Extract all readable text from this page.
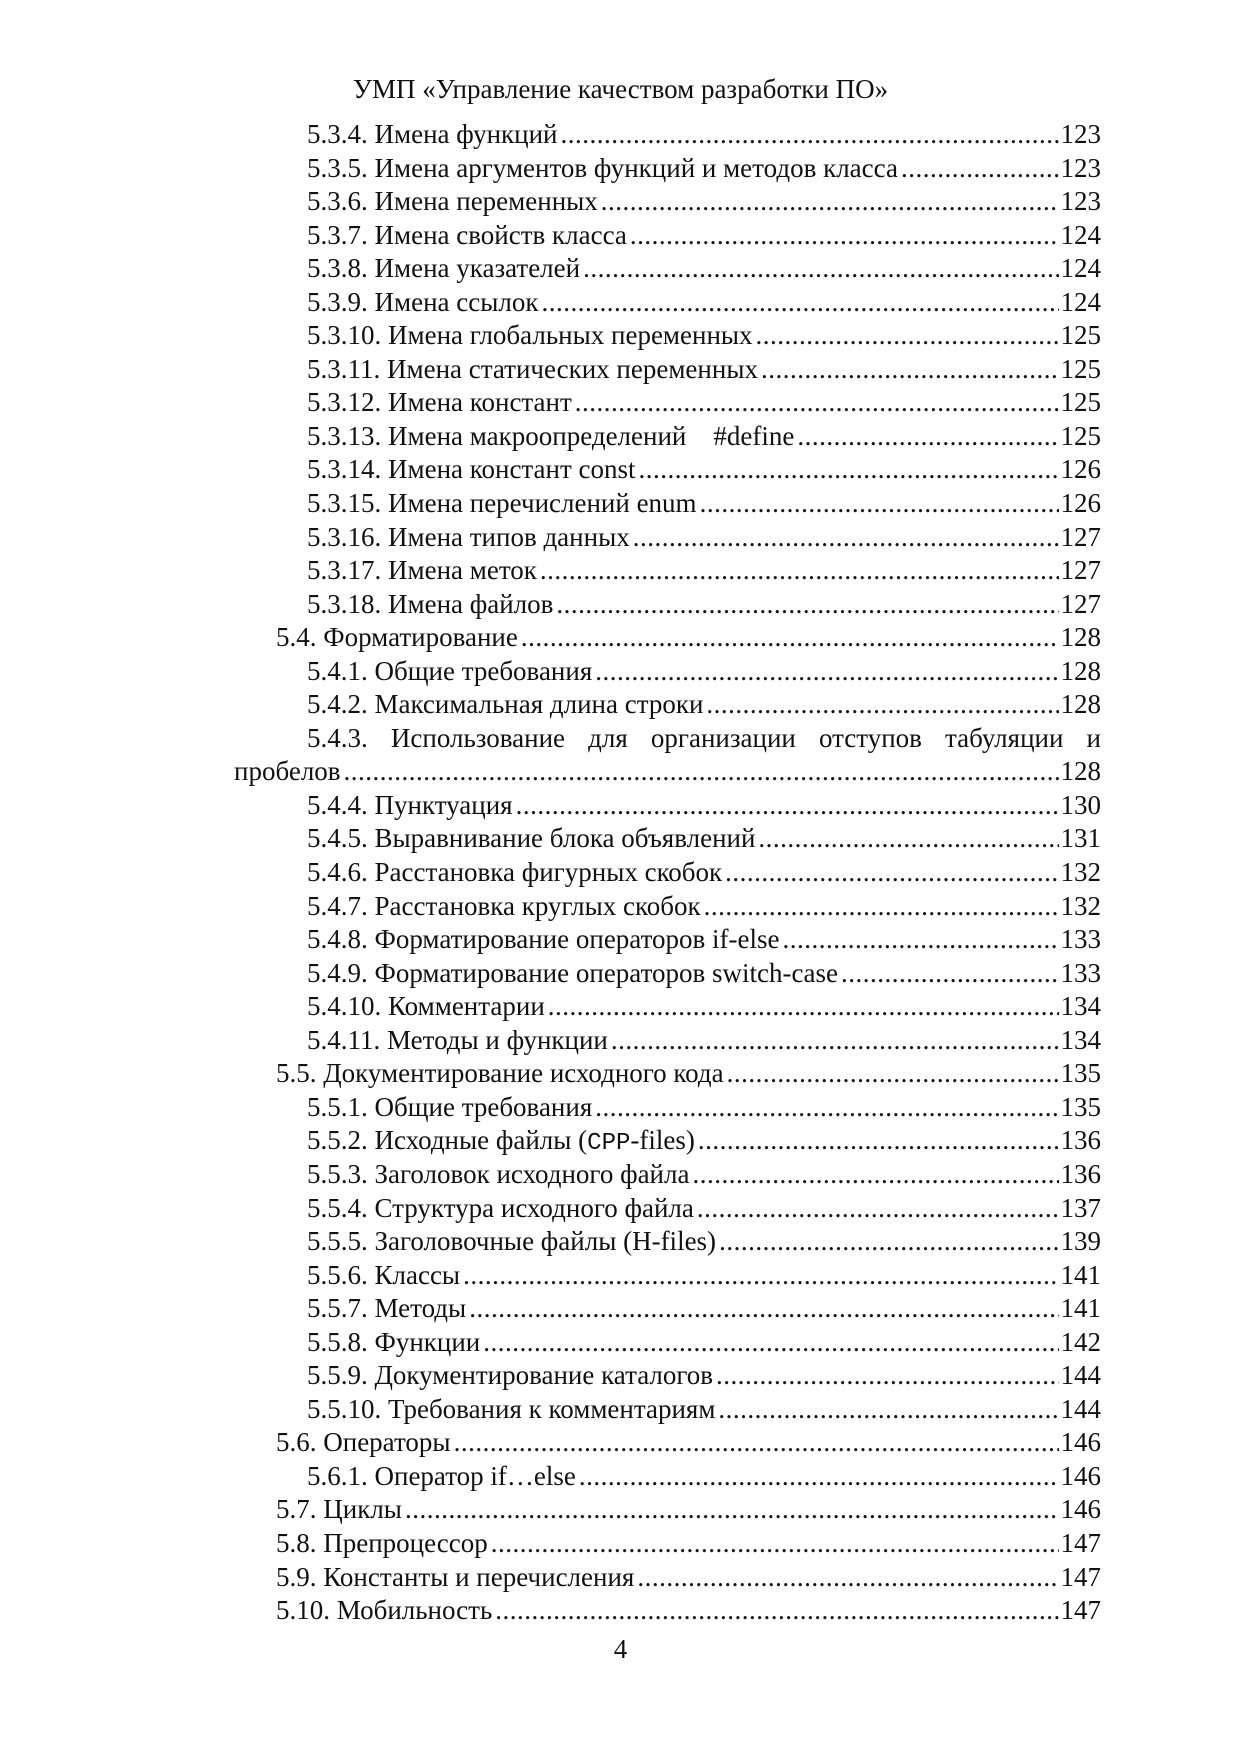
УМП «Управление качеством разработки ПО»
5.3.4. Имена функций .....	123
5.3.5. Имена аргументов функций и методов класса .....	123
5.3.6. Имена переменных .....	123
5.3.7. Имена свойств класса .....	124
5.3.8. Имена указателей .....	124
5.3.9. Имена ссылок .....	124
5.3.10. Имена глобальных переменных .....	125
5.3.11. Имена статических переменных .....	125
5.3.12. Имена констант .....	125
5.3.13. Имена макроопределений    #define .....	125
5.3.14. Имена констант const .....	126
5.3.15. Имена перечислений enum .....	126
5.3.16. Имена типов данных .....	127
5.3.17. Имена меток .....	127
5.3.18. Имена файлов .....	127
5.4. Форматирование .....	128
5.4.1. Общие требования .....	128
5.4.2. Максимальная длина строки .....	128
5.4.3. Использование для организации отступов табуляции и
пробелов .....	128
5.4.4. Пунктуация .....	130
5.4.5. Выравнивание блока объявлений .....	131
5.4.6. Расстановка фигурных скобок .....	132
5.4.7. Расстановка круглых скобок .....	132
5.4.8. Форматирование операторов if-else .....	133
5.4.9. Форматирование операторов switch-case .....	133
5.4.10. Комментарии .....	134
5.4.11. Методы и функции .....	134
5.5. Документирование исходного кода .....	135
5.5.1. Общие требования .....	135
5.5.2. Исходные файлы (CPP-files) .....	136
5.5.3. Заголовок исходного файла .....	136
5.5.4. Структура исходного файла .....	137
5.5.5. Заголовочные файлы (H-files) .....	139
5.5.6. Классы .....	141
5.5.7. Методы .....	141
5.5.8. Функции .....	142
5.5.9. Документирование каталогов .....	144
5.5.10. Требования к комментариям .....	144
5.6. Операторы .....	146
5.6.1. Оператор if…else .....	146
5.7. Циклы .....	146
5.8. Препроцессор .....	147
5.9. Константы и перечисления .....	147
5.10. Мобильность .....	147
4
